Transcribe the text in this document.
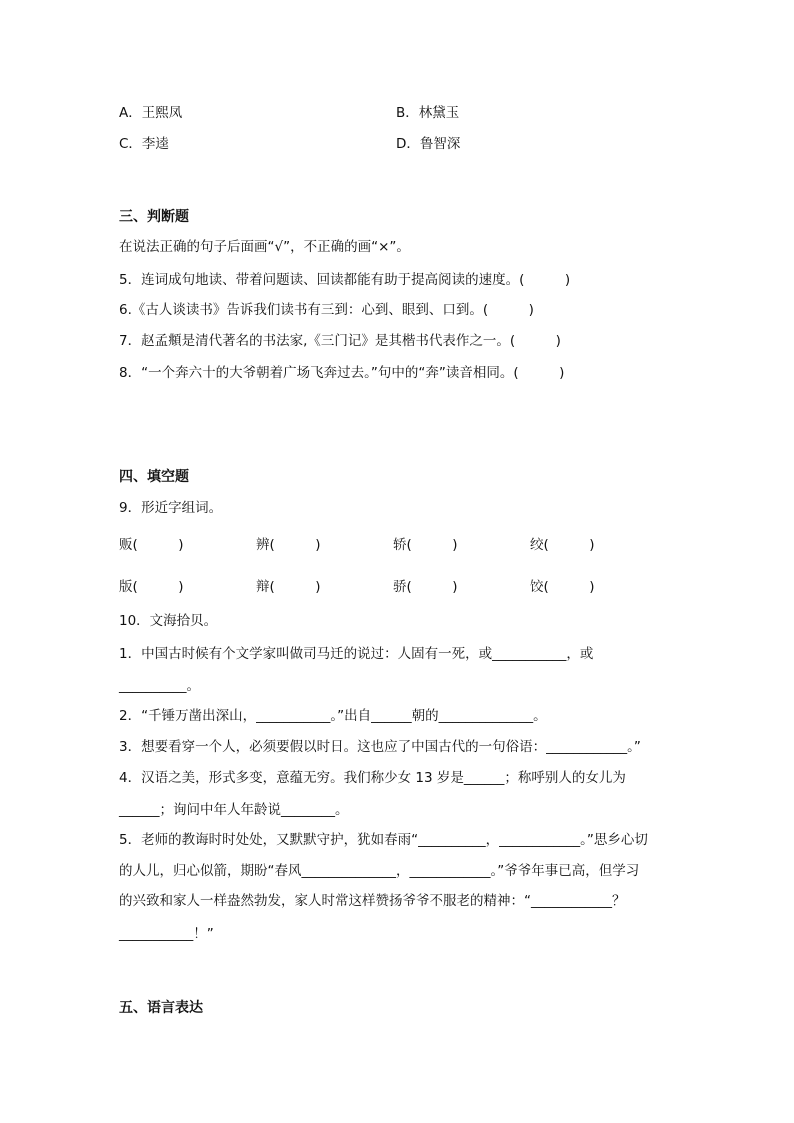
A．王熙凤	B．林黛玉
C．李逵	D．鲁智深
三、判断题
在说法正确的句子后面画“√”，不正确的画“×”。
5．连词成句地读、带着问题读、回读都能有助于提高阅读的速度。(　　　)
6.《古人谈读书》告诉我们读书有三到：心到、眼到、口到。(　　　)
7．赵孟頫是清代著名的书法家,《三门记》是其楷书代表作之一。(　　　)
8．“一个奔六十的大爷朝着广场飞奔过去。”句中的“奔”读音相同。(　　　)
四、填空题
9．形近字组词。
贩(　　　)	辨(　　　)	轿(　　　)	绞(　　　)
版(　　　)	辩(　　　)	骄(　　　)	饺(　　　)
10．文海拾贝。
1．中国古时候有个文学家叫做司马迁的说过：人固有一死，或___________，或
__________。
2．“千锤万凿出深山，___________。”出自______朝的______________。
3．想要看穿一个人，必须要假以时日。这也应了中国古代的一句俗语：____________。”
4．汉语之美，形式多变，意蕴无穷。我们称少女 13 岁是______；称呼别人的女儿为
______；询问中年人年龄说________。
5．老师的教诲时时处处，又默默守护，犹如春雨“__________，____________。”思乡心切
的人儿，归心似箭，期盼“春风______________，____________。”爷爷年事已高，但学习
的兴致和家人一样盎然勃发，家人时常这样赞扬爷爷不服老的精神：“____________？
___________！”
五、语言表达
